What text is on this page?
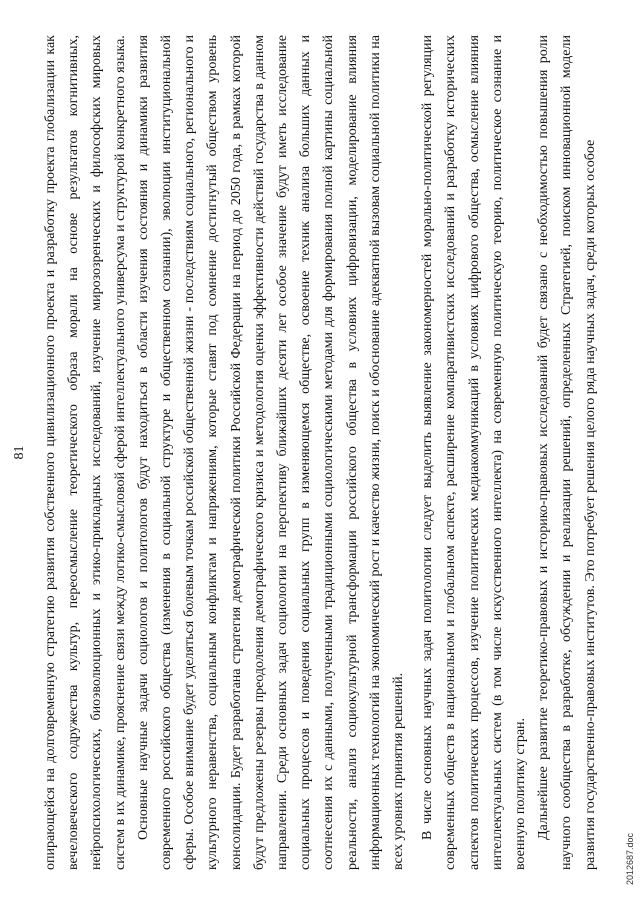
81 опирающейся на долговременную стратегию развития собственного цивилизационного проекта и разработку проекта глобализации как вечеловеческого содружества культур, переосмысление теоретического образа морали на основе результатов когнитивных, нейропсихологических, биоэволюционных и этико-прикладных исследований, изучение мирозозренческих и философских мировых систем в их динамике, прояснение связи между логико-смысловой сферой интеллектуального универсума и структурой конкретного языка. Основные научные задачи социологов и политологов будут находиться в области изучения состояния и динамики развития современного российского общества (изменения в социальной структуре и общественном сознании), эволюции институциональной сферы. Особое внимание будет уделяться болевым точкам российской общественной жизни - последствиям социального, регионального и культурного неравенства, социальным конфликтам и напряжениям, которые ставят под сомнение достигнутый обществом уровень консолидации. Будет разработана стратегия демографической политики Российской Федерации на период до 2050 года, в рамках которой будут предложены резервы преодоления демографического кризиса и методология оценки эффективности действий государства в данном направлении. Среди основных задач социологии на перспективу ближайших десяти лет особое значение будут иметь исследование социальных процессов и поведения социальных групп в изменяющемся обществе, освоение техник анализа больших данных и соотнесения их с данными, полученными традиционными социологическими методами для формирования полной картины социальной реальности, анализ социокультурной трансформации российского общества в условиях цифровизации, моделирование влияния информационных технологий на экономический рост и качество жизни, поиск и обоснование адекватной вызовам социальной политики на всех уровнях принятия решений.	В числе основных научных задач политологии следует выделить выявление закономерностей морально-политической регуляции современных обществ в национальном и глобальном аспекте, расширение компаративистских исследований и разработку исторических аспектов политических процессов, изучение политических медиакоммуникаций в условиях цифрового общества, осмысление влияния интеллектуальных систем (в том числе искусственного интеллекта) на современную политическую теорию, политическое сознание и военную политику стран. Дальнейшее развитие теоретико-правовых и историко-правовых исследований будет связано с необходимостью повышения роли научного сообщества в разработке, обсуждении и реализации решений, определенных Стратегией, поиском инновационной модели развития государственно-правовых институтов. Это потребует решения целого ряда научных задач, среди которых особое	2012687.doc
